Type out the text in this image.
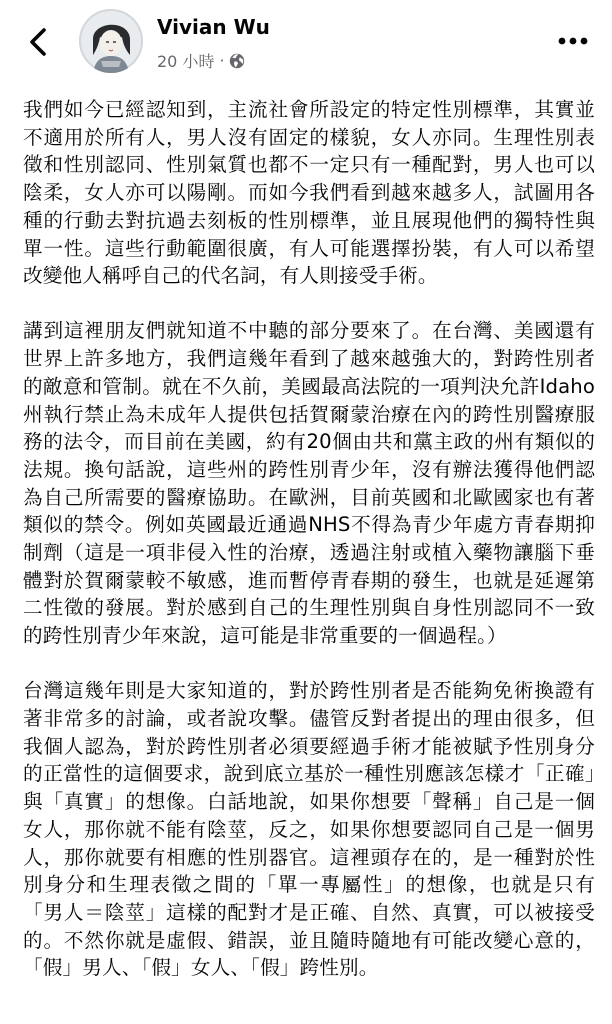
Vivian Wu
20 小時 ·

我們如今已經認知到，主流社會所設定的特定性別標準，其實並不適用於所有人，男人沒有固定的樣貌，女人亦同。生理性別表徵和性別認同、性別氣質也都不一定只有一種配對，男人也可以陰柔，女人亦可以陽剛。而如今我們看到越來越多人，試圖用各種的行動去對抗過去刻板的性別標準，並且展現他們的獨特性與單一性。這些行動範圍很廣，有人可能選擇扮裝，有人可以希望改變他人稱呼自己的代名詞，有人則接受手術。

講到這裡朋友們就知道不中聽的部分要來了。在台灣、美國還有世界上許多地方，我們這幾年看到了越來越強大的，對跨性別者的敵意和管制。就在不久前，美國最高法院的一項判決允許Idaho州執行禁止為未成年人提供包括賀爾蒙治療在內的跨性別醫療服務的法令，而目前在美國，約有20個由共和黨主政的州有類似的法規。換句話說，這些州的跨性別青少年，沒有辦法獲得他們認為自己所需要的醫療協助。在歐洲，目前英國和北歐國家也有著類似的禁令。例如英國最近通過NHS不得為青少年處方青春期抑制劑（這是一項非侵入性的治療，透過注射或植入藥物讓腦下垂體對於賀爾蒙較不敏感，進而暫停青春期的發生，也就是延遲第二性徵的發展。對於感到自己的生理性別與自身性別認同不一致的跨性別青少年來說，這可能是非常重要的一個過程。）

台灣這幾年則是大家知道的，對於跨性別者是否能夠免術換證有著非常多的討論，或者說攻擊。儘管反對者提出的理由很多，但我個人認為，對於跨性別者必須要經過手術才能被賦予性別身分的正當性的這個要求，說到底立基於一種性別應該怎樣才「正確」與「真實」的想像。白話地說，如果你想要「聲稱」自己是一個女人，那你就不能有陰莖，反之，如果你想要認同自己是一個男人，那你就要有相應的性別器官。這裡頭存在的，是一種對於性別身分和生理表徵之間的「單一專屬性」的想像，也就是只有「男人＝陰莖」這樣的配對才是正確、自然、真實，可以被接受的。不然你就是虛假、錯誤，並且隨時隨地有可能改變心意的，「假」男人、「假」女人、「假」跨性別。
